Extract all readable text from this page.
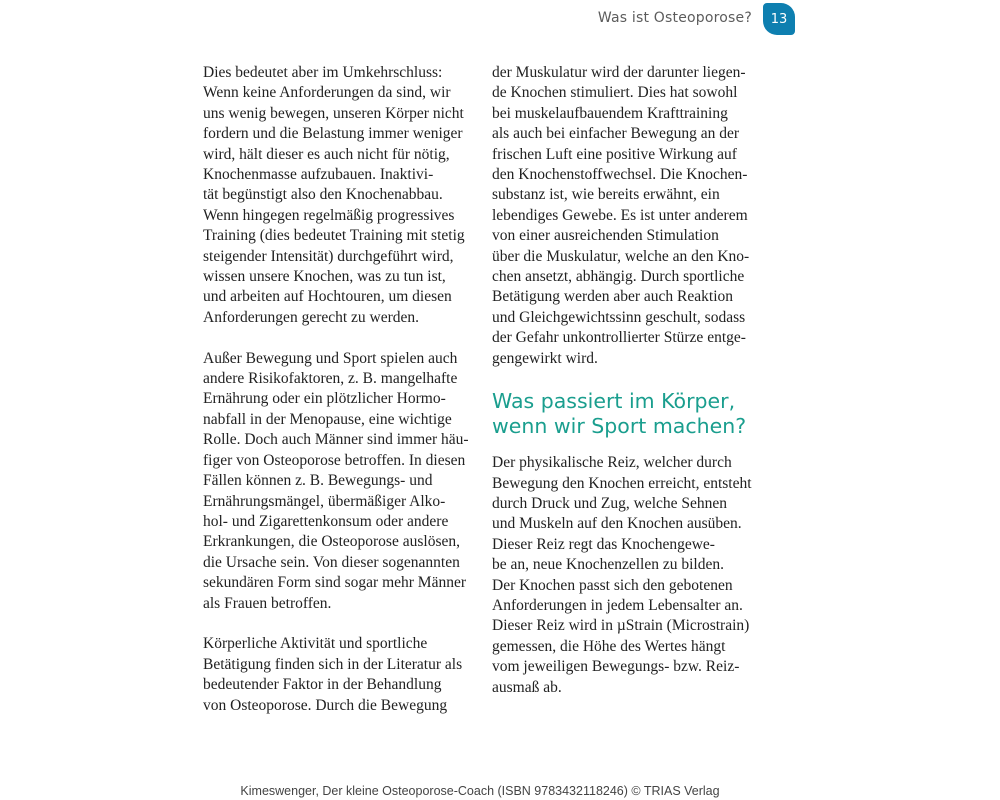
Was ist Osteoporose?	13
Dies bedeutet aber im Umkehrschluss:
Wenn keine Anforderungen da sind, wir
uns wenig bewegen, unseren Körper nicht
fordern und die Belastung immer weniger
wird, hält dieser es auch nicht für nötig,
Knochenmasse aufzubauen. Inaktivi-
tät begünstigt also den Knochenabbau.
Wenn hingegen regelmäßig progressives
Training (dies bedeutet Training mit stetig
steigender Intensität) durchgeführt wird,
wissen unsere Knochen, was zu tun ist,
und arbeiten auf Hochtouren, um diesen
Anforderungen gerecht zu werden.
Außer Bewegung und Sport spielen auch
andere Risikofaktoren, z. B. mangelhafte
Ernährung oder ein plötzlicher Hormo-
nabfall in der Menopause, eine wichtige
Rolle. Doch auch Männer sind immer häu-
figer von Osteoporose betroffen. In diesen
Fällen können z. B. Bewegungs- und
Ernährungsmängel, übermäßiger Alko-
hol- und Zigarettenkonsum oder andere
Erkrankungen, die Osteoporose auslösen,
die Ursache sein. Von dieser sogenannten
sekundären Form sind sogar mehr Männer
als Frauen betroffen.
Körperliche Aktivität und sportliche
Betätigung finden sich in der Literatur als
bedeutender Faktor in der Behandlung
von Osteoporose. Durch die Bewegung
der Muskulatur wird der darunter liegen-
de Knochen stimuliert. Dies hat sowohl
bei muskelaufbauendem Krafttraining
als auch bei einfacher Bewegung an der
frischen Luft eine positive Wirkung auf
den Knochenstoffwechsel. Die Knochen-
substanz ist, wie bereits erwähnt, ein
lebendiges Gewebe. Es ist unter anderem
von einer ausreichenden Stimulation
über die Muskulatur, welche an den Kno-
chen ansetzt, abhängig. Durch sportliche
Betätigung werden aber auch Reaktion
und Gleichgewichtssinn geschult, sodass
der Gefahr unkontrollierter Stürze entge-
gengewirkt wird.
Was passiert im Körper,
wenn wir Sport machen?
Der physikalische Reiz, welcher durch
Bewegung den Knochen erreicht, entsteht
durch Druck und Zug, welche Sehnen
und Muskeln auf den Knochen ausüben.
Dieser Reiz regt das Knochengewe-
be an, neue Knochenzellen zu bilden.
Der Knochen passt sich den gebotenen
Anforderungen in jedem Lebensalter an.
Dieser Reiz wird in µStrain (Microstrain)
gemessen, die Höhe des Wertes hängt
vom jeweiligen Bewegungs- bzw. Reiz-
ausmaß ab.
Kimeswenger, Der kleine Osteoporose-Coach (ISBN 9783432118246) © TRIAS Verlag
